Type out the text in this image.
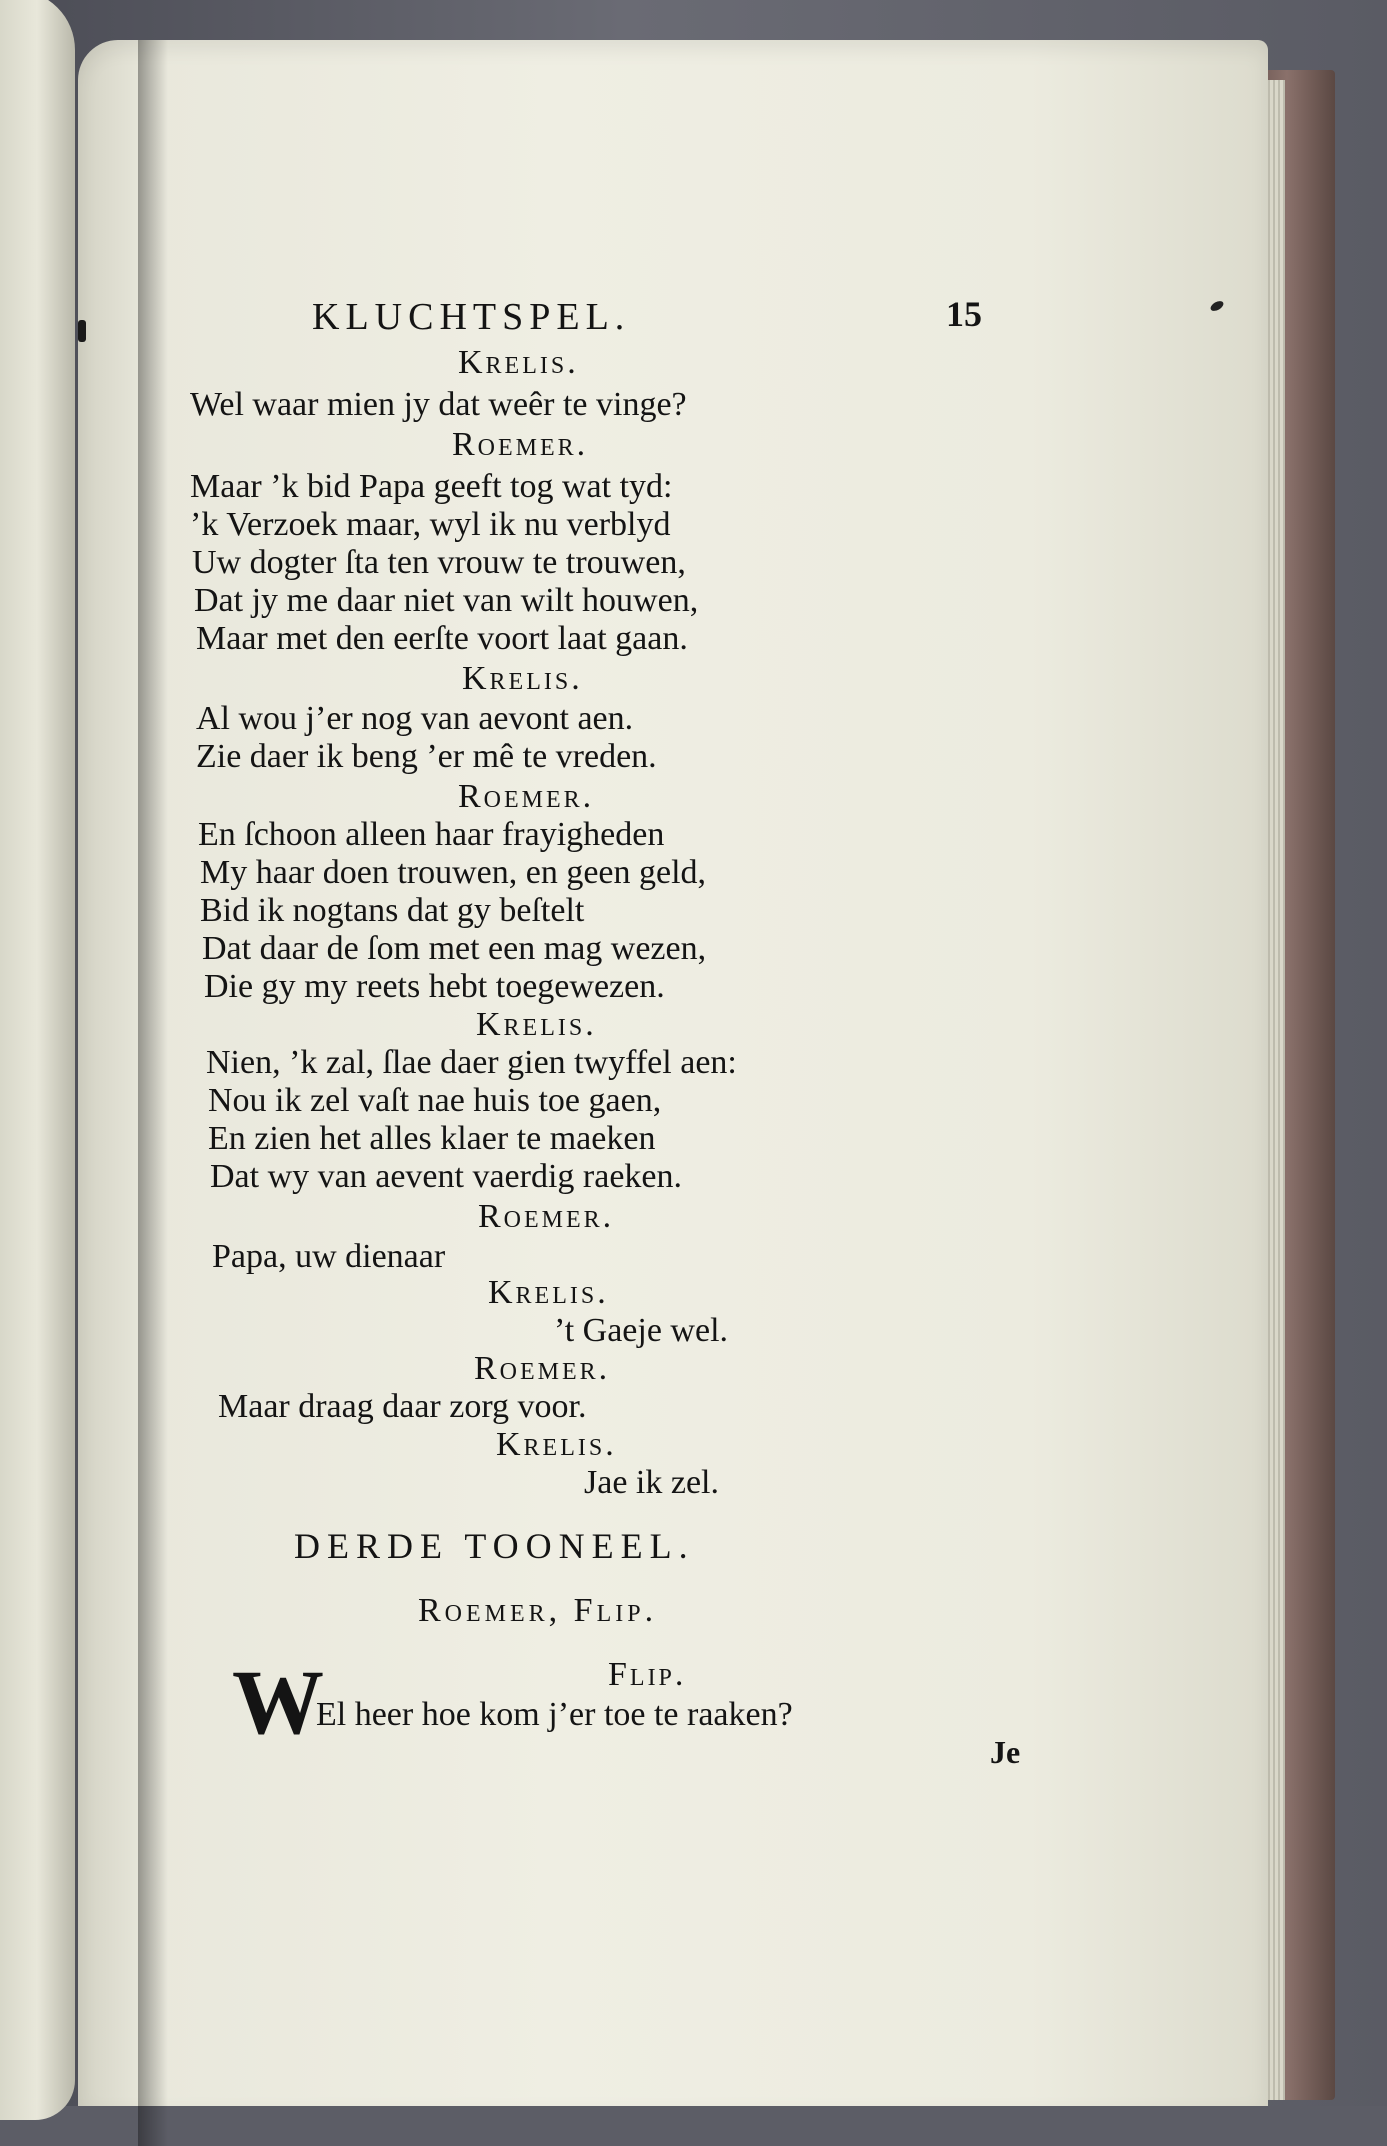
KLUCHTSPEL.	15
Krelis.
Wel waar mien jy dat weêr te vinge?
Roemer.
Maar ’k bid Papa geeft tog wat tyd:
’k Verzoek maar, wyl ik nu verblyd
Uw dogter ſta ten vrouw te trouwen,
Dat jy me daar niet van wilt houwen,
Maar met den eerſte voort laat gaan.
Krelis.
Al wou j’er nog van aevont aen.
Zie daer ik beng ’er mê te vreden.
Roemer.
En ſchoon alleen haar frayigheden
My haar doen trouwen, en geen geld,
Bid ik nogtans dat gy beſtelt
Dat daar de ſom met een mag wezen,
Die gy my reets hebt toegewezen.
Krelis.
Nien, ’k zal, ſlae daer gien twyffel aen:
Nou ik zel vaſt nae huis toe gaen,
En zien het alles klaer te maeken
Dat wy van aevent vaerdig raeken.
Roemer.
Papa, uw dienaar
Krelis.
’t Gaeje wel.
Roemer.
Maar draag daar zorg voor.
Krelis.
Jae ik zel.
DERDE TOONEEL.
Roemer, Flip.
Flip.
W
El heer hoe kom j’er toe te raaken?
Je
